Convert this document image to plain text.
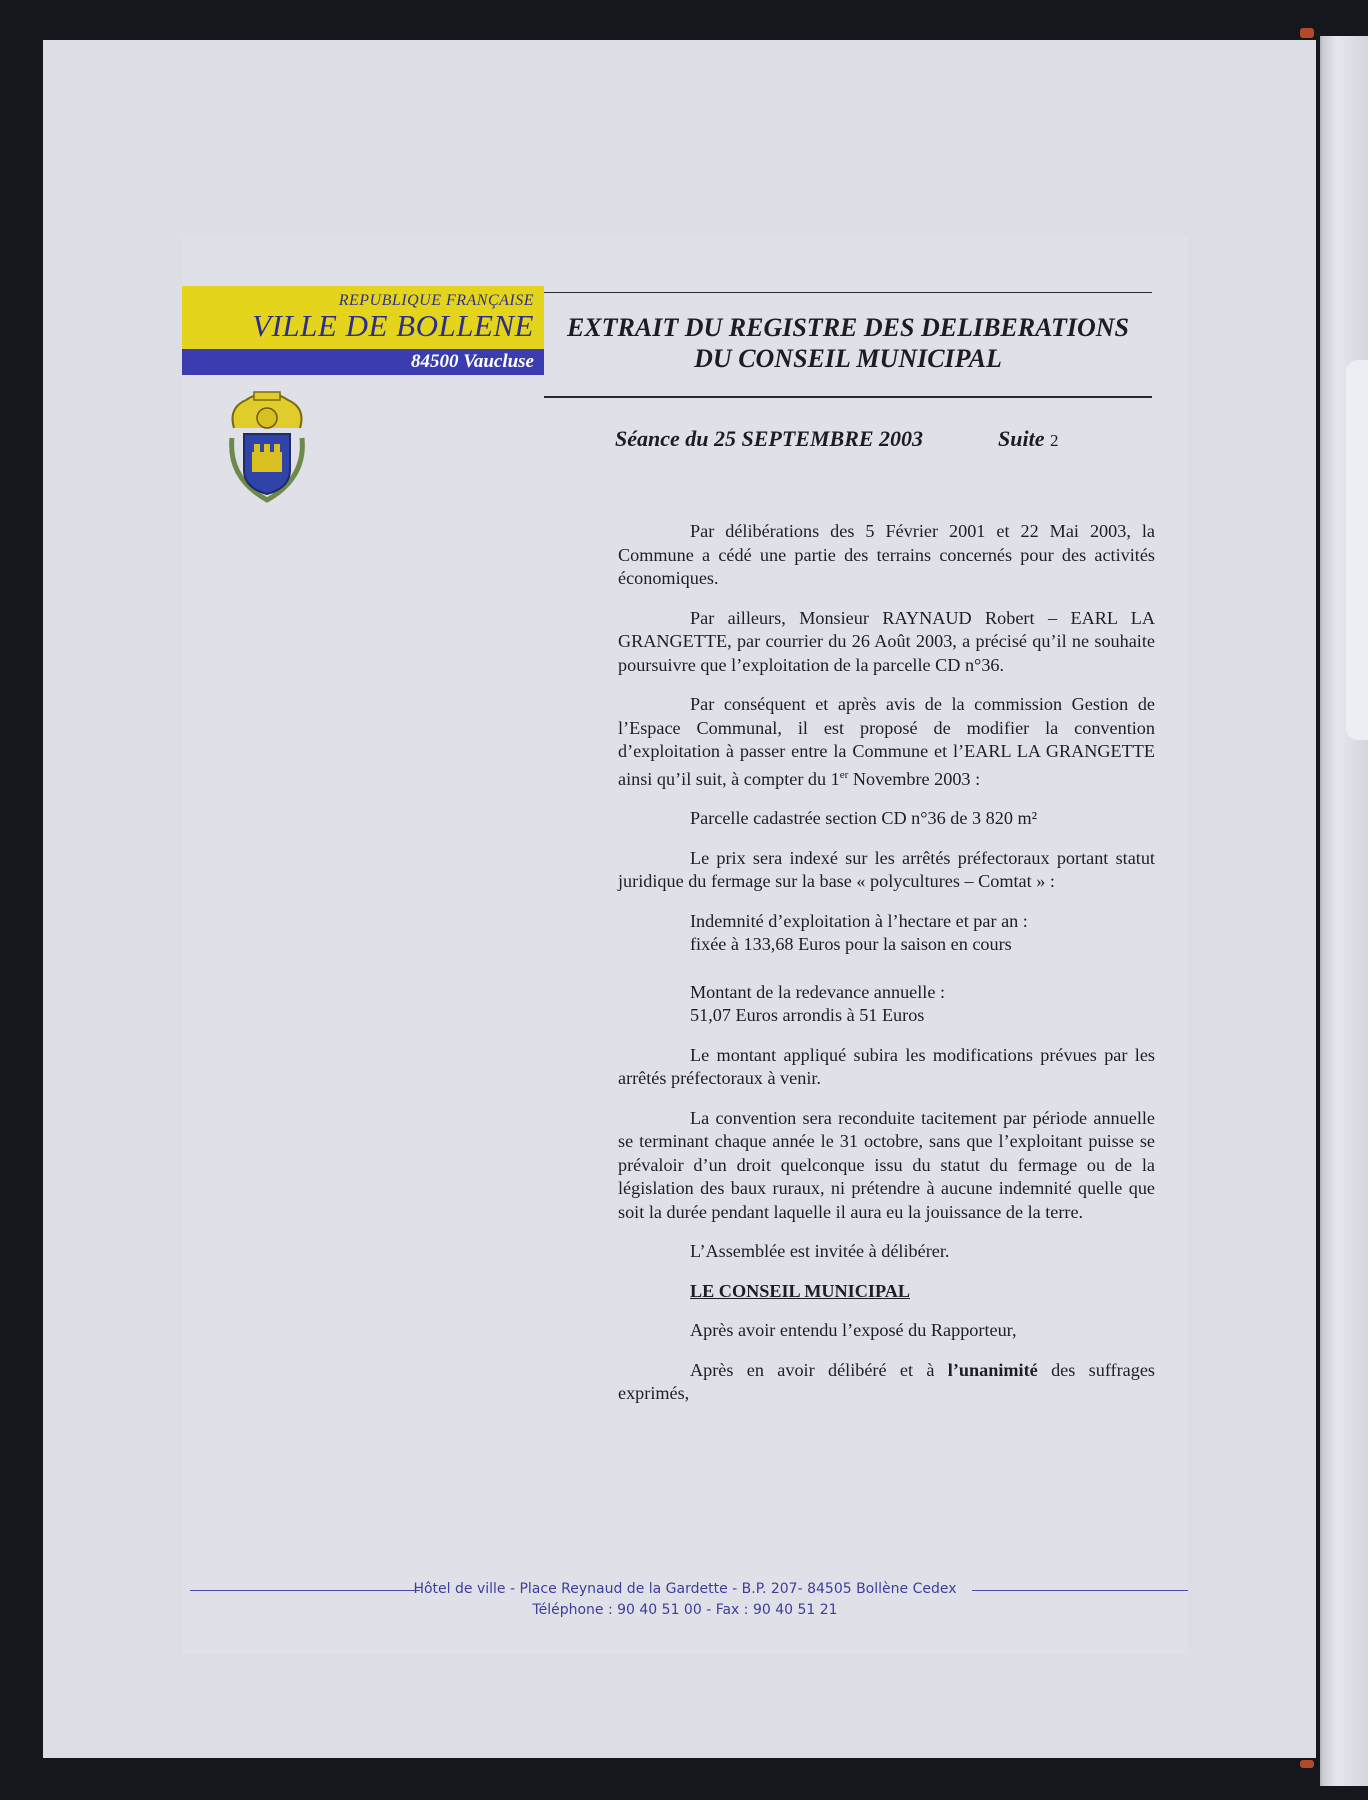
REPUBLIQUE FRANÇAISE
VILLE DE BOLLENE
84500 Vaucluse
EXTRAIT DU REGISTRE DES DELIBERATIONS
DU CONSEIL MUNICIPAL
Séance du 25 SEPTEMBRE 2003	Suite 2

Par délibérations des 5 Février 2001 et 22 Mai 2003, la Commune a cédé une partie des terrains concernés pour des activités économiques.

Par ailleurs, Monsieur RAYNAUD Robert – EARL LA GRANGETTE, par courrier du 26 Août 2003, a précisé qu’il ne souhaite poursuivre que l’exploitation de la parcelle CD n°36.

Par conséquent et après avis de la commission Gestion de l’Espace Communal, il est proposé de modifier la convention d’exploitation à passer entre la Commune et l’EARL LA GRANGETTE ainsi qu’il suit, à compter du 1er Novembre 2003 :

Parcelle cadastrée section CD n°36 de 3 820 m²

Le prix sera indexé sur les arrêtés préfectoraux portant statut juridique du fermage sur la base « polycultures – Comtat » :

Indemnité d’exploitation à l’hectare et par an :
fixée à 133,68 Euros pour la saison en cours

Montant de la redevance annuelle :
51,07 Euros arrondis à 51 Euros

Le montant appliqué subira les modifications prévues par les arrêtés préfectoraux à venir.

La convention sera reconduite tacitement par période annuelle se terminant chaque année le 31 octobre, sans que l’exploitant puisse se prévaloir d’un droit quelconque issu du statut du fermage ou de la législation des baux ruraux, ni prétendre à aucune indemnité quelle que soit la durée pendant laquelle il aura eu la jouissance de la terre.

L’Assemblée est invitée à délibérer.

LE CONSEIL MUNICIPAL

Après avoir entendu l’exposé du Rapporteur,

Après en avoir délibéré et à l’unanimité des suffrages exprimés,

Hôtel de ville - Place Reynaud de la Gardette - B.P. 207- 84505 Bollène Cedex
Téléphone : 90 40 51 00 - Fax : 90 40 51 21
